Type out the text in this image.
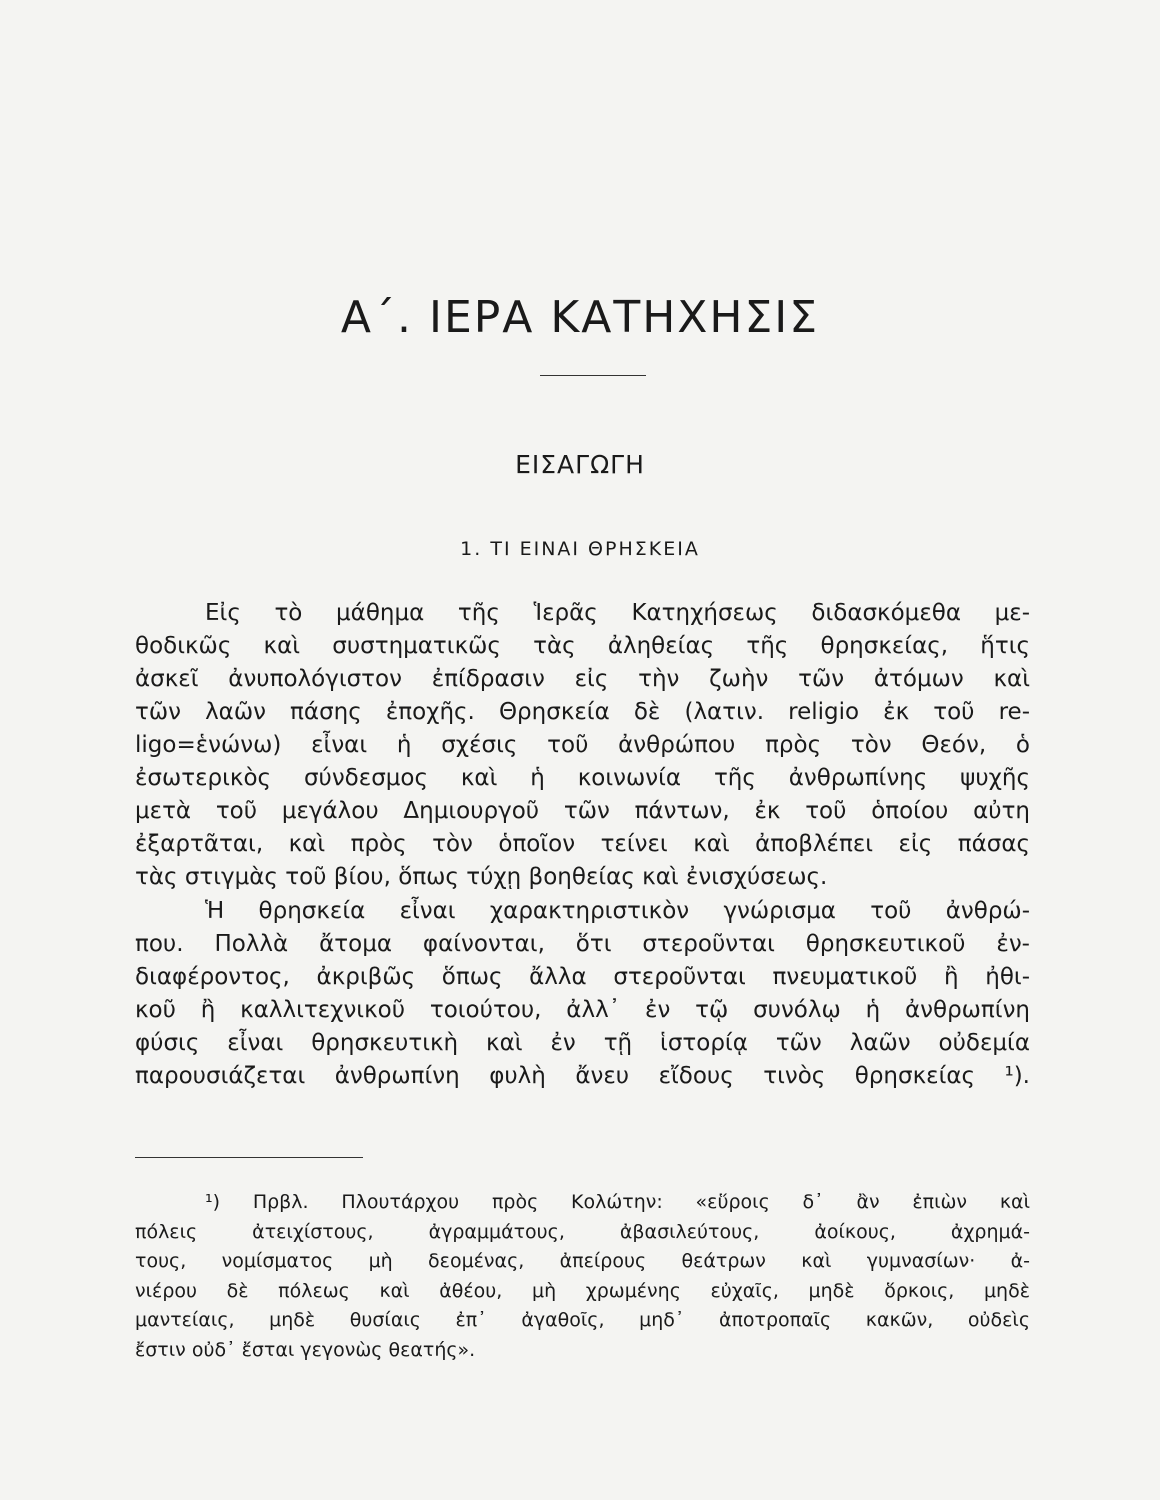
Α΄. ΙΕΡΑ ΚΑΤΗΧΗΣΙΣ
ΕΙΣΑΓΩΓΗ
1. ΤΙ ΕΙΝΑΙ ΘΡΗΣΚΕΙΑ
Εἰς τὸ μάθημα τῆς Ἱερᾶς Κατηχήσεως διδασκόμεθα με-
θοδικῶς καὶ συστηματικῶς τὰς ἀληθείας τῆς θρησκείας, ἥτις
ἀσκεῖ ἀνυπολόγιστον ἐπίδρασιν εἰς τὴν ζωὴν τῶν ἀτόμων καὶ
τῶν λαῶν πάσης ἐποχῆς. Θρησκεία δὲ (λατιν. religio ἐκ τοῦ re-
ligo=ἑνώνω) εἶναι ἡ σχέσις τοῦ ἀνθρώπου πρὸς τὸν Θεόν, ὁ
ἐσωτερικὸς σύνδεσμος καὶ ἡ κοινωνία τῆς ἀνθρωπίνης ψυχῆς
μετὰ τοῦ μεγάλου Δημιουργοῦ τῶν πάντων, ἐκ τοῦ ὁποίου αὐτη
ἐξαρτᾶται, καὶ πρὸς τὸν ὁποῖον τείνει καὶ ἀποβλέπει εἰς πάσας
τὰς στιγμὰς τοῦ βίου, ὅπως τύχῃ βοηθείας καὶ ἐνισχύσεως.
Ἡ θρησκεία εἶναι χαρακτηριστικὸν γνώρισμα τοῦ ἀνθρώ-
που. Πολλὰ ἄτομα φαίνονται, ὅτι στεροῦνται θρησκευτικοῦ ἐν-
διαφέροντος, ἀκριβῶς ὅπως ἄλλα στεροῦνται πνευματικοῦ ἢ ἠθι-
κοῦ ἢ καλλιτεχνικοῦ τοιούτου, ἀλλ᾽ ἐν τῷ συνόλῳ ἡ ἀνθρωπίνη
φύσις εἶναι θρησκευτικὴ καὶ ἐν τῇ ἱστορίᾳ τῶν λαῶν οὐδεμία
παρουσιάζεται ἀνθρωπίνη φυλὴ ἄνευ εἴδους τινὸς θρησκείας ¹).
¹) Πρβλ. Πλουτάρχου πρὸς Κολώτην: «εὕροις δ᾽ ἂν ἐπιὼν καὶ
πόλεις ἀτειχίστους, ἀγραμμάτους, ἀβασιλεύτους, ἀοίκους, ἀχρημά-
τους, νομίσματος μὴ δεομένας, ἀπείρους θεάτρων καὶ γυμνασίων· ἀ-
νιέρου δὲ πόλεως καὶ ἀθέου, μὴ χρωμένης εὐχαῖς, μηδὲ ὅρκοις, μηδὲ
μαντείαις, μηδὲ θυσίαις ἐπ᾽ ἀγαθοῖς, μηδ᾽ ἀποτροπαῖς κακῶν, οὐδεὶς
ἔστιν οὐδ᾽ ἔσται γεγονὼς θεατής».
